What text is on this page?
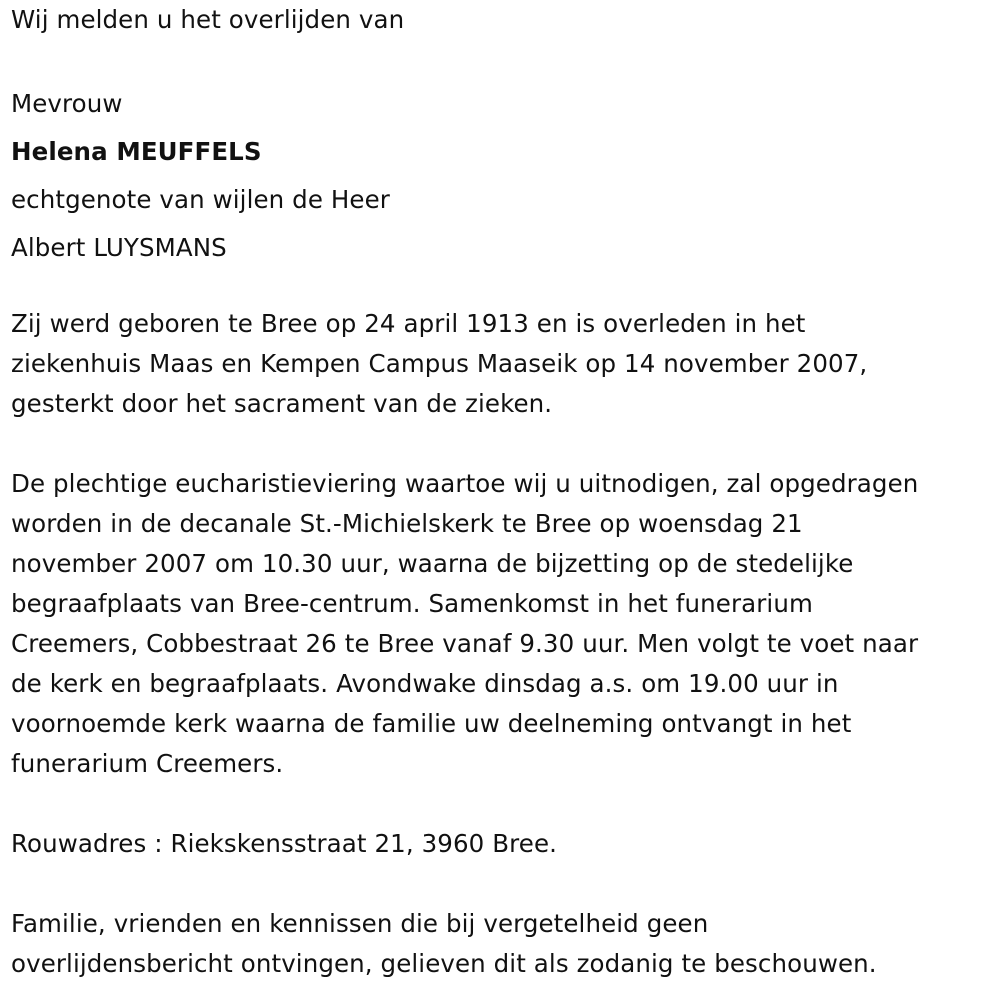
Wij melden u het overlijden van

Mevrouw

Helena MEUFFELS

echtgenote van wijlen de Heer

Albert LUYSMANS

Zij werd geboren te Bree op 24 april 1913 en is overleden in het

ziekenhuis Maas en Kempen Campus Maaseik op 14 november 2007,

gesterkt door het sacrament van de zieken.

De plechtige eucharistieviering waartoe wij u uitnodigen, zal opgedragen

worden in de decanale St.-Michielskerk te Bree op woensdag 21

november 2007 om 10.30 uur, waarna de bijzetting op de stedelijke

begraafplaats van Bree-centrum. Samenkomst in het funerarium

Creemers, Cobbestraat 26 te Bree vanaf 9.30 uur. Men volgt te voet naar

de kerk en begraafplaats. Avondwake dinsdag a.s. om 19.00 uur in

voornoemde kerk waarna de familie uw deelneming ontvangt in het

funerarium Creemers.

Rouwadres : Riekskensstraat 21, 3960 Bree.

Familie, vrienden en kennissen die bij vergetelheid geen

overlijdensbericht ontvingen, gelieven dit als zodanig te beschouwen.
